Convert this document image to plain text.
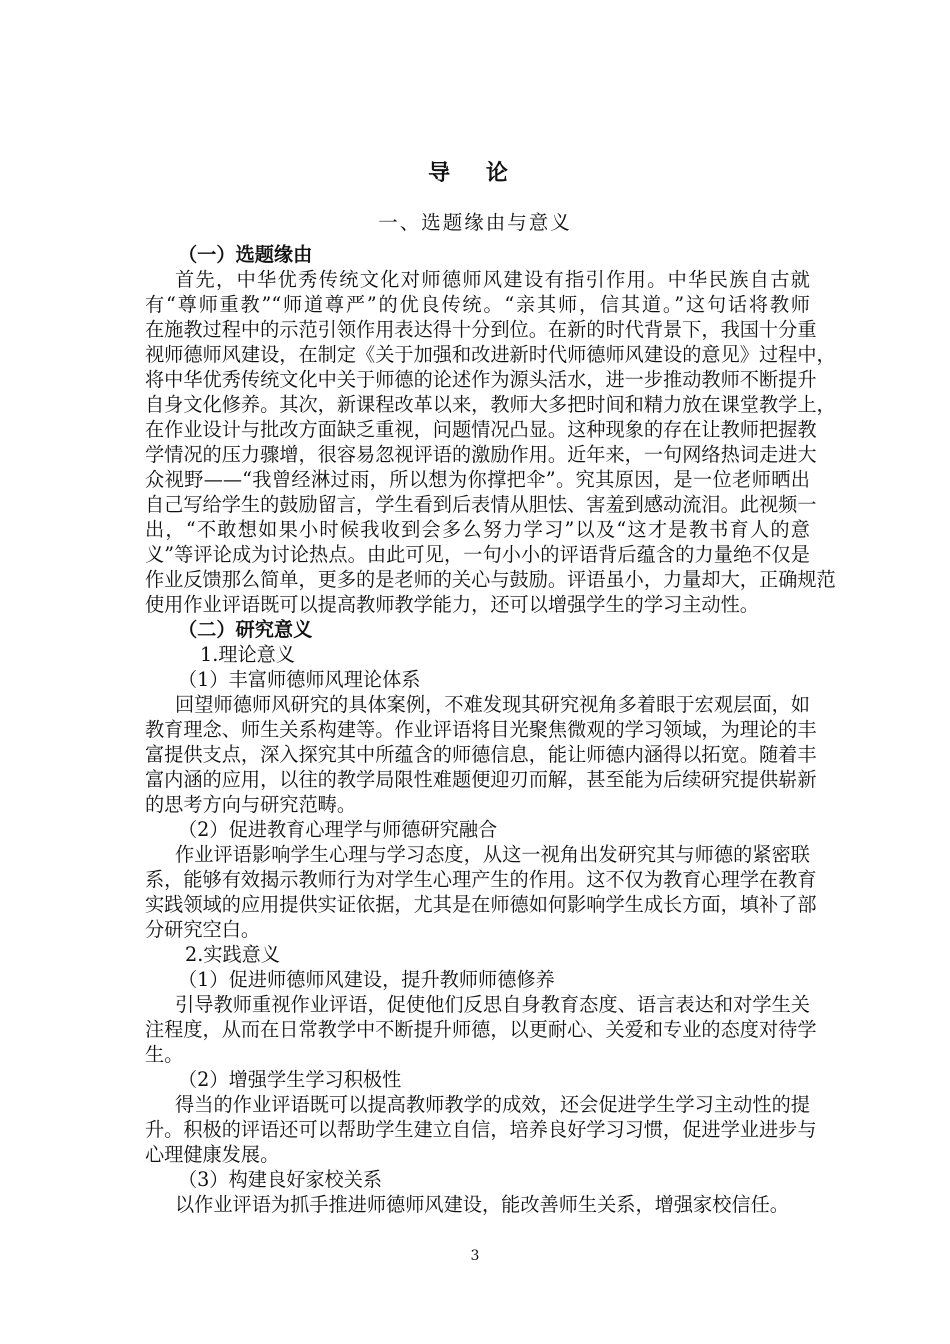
导 论
一、选题缘由与意义
（一）选题缘由
首先，中华优秀传统文化对师德师风建设有指引作用。中华民族自古就
有“尊师重教”“师道尊严”的优良传统。“亲其师，信其道。”这句话将教师
在施教过程中的示范引领作用表达得十分到位。在新的时代背景下，我国十分重
视师德师风建设，在制定《关于加强和改进新时代师德师风建设的意见》过程中，
将中华优秀传统文化中关于师德的论述作为源头活水，进一步推动教师不断提升
自身文化修养。其次，新课程改革以来，教师大多把时间和精力放在课堂教学上，
在作业设计与批改方面缺乏重视，问题情况凸显。这种现象的存在让教师把握教
学情况的压力骤增，很容易忽视评语的激励作用。近年来，一句网络热词走进大
众视野——“我曾经淋过雨，所以想为你撑把伞”。究其原因，是一位老师晒出
自己写给学生的鼓励留言，学生看到后表情从胆怯、害羞到感动流泪。此视频一
出，“不敢想如果小时候我收到会多么努力学习”以及“这才是教书育人的意
义”等评论成为讨论热点。由此可见，一句小小的评语背后蕴含的力量绝不仅是
作业反馈那么简单，更多的是老师的关心与鼓励。评语虽小，力量却大，正确规范
使用作业评语既可以提高教师教学能力，还可以增强学生的学习主动性。
（二）研究意义
1.理论意义
（1）丰富师德师风理论体系
回望师德师风研究的具体案例，不难发现其研究视角多着眼于宏观层面，如
教育理念、师生关系构建等。作业评语将目光聚焦微观的学习领域，为理论的丰
富提供支点，深入探究其中所蕴含的师德信息，能让师德内涵得以拓宽。随着丰
富内涵的应用，以往的教学局限性难题便迎刃而解，甚至能为后续研究提供崭新
的思考方向与研究范畴。
（2）促进教育心理学与师德研究融合
作业评语影响学生心理与学习态度，从这一视角出发研究其与师德的紧密联
系，能够有效揭示教师行为对学生心理产生的作用。这不仅为教育心理学在教育
实践领域的应用提供实证依据，尤其是在师德如何影响学生成长方面，填补了部
分研究空白。
2.实践意义
（1）促进师德师风建设，提升教师师德修养
引导教师重视作业评语，促使他们反思自身教育态度、语言表达和对学生关
注程度，从而在日常教学中不断提升师德，以更耐心、关爱和专业的态度对待学
生。
（2）增强学生学习积极性
得当的作业评语既可以提高教师教学的成效，还会促进学生学习主动性的提
升。积极的评语还可以帮助学生建立自信，培养良好学习习惯，促进学业进步与
心理健康发展。
（3）构建良好家校关系
以作业评语为抓手推进师德师风建设，能改善师生关系，增强家校信任。
3
